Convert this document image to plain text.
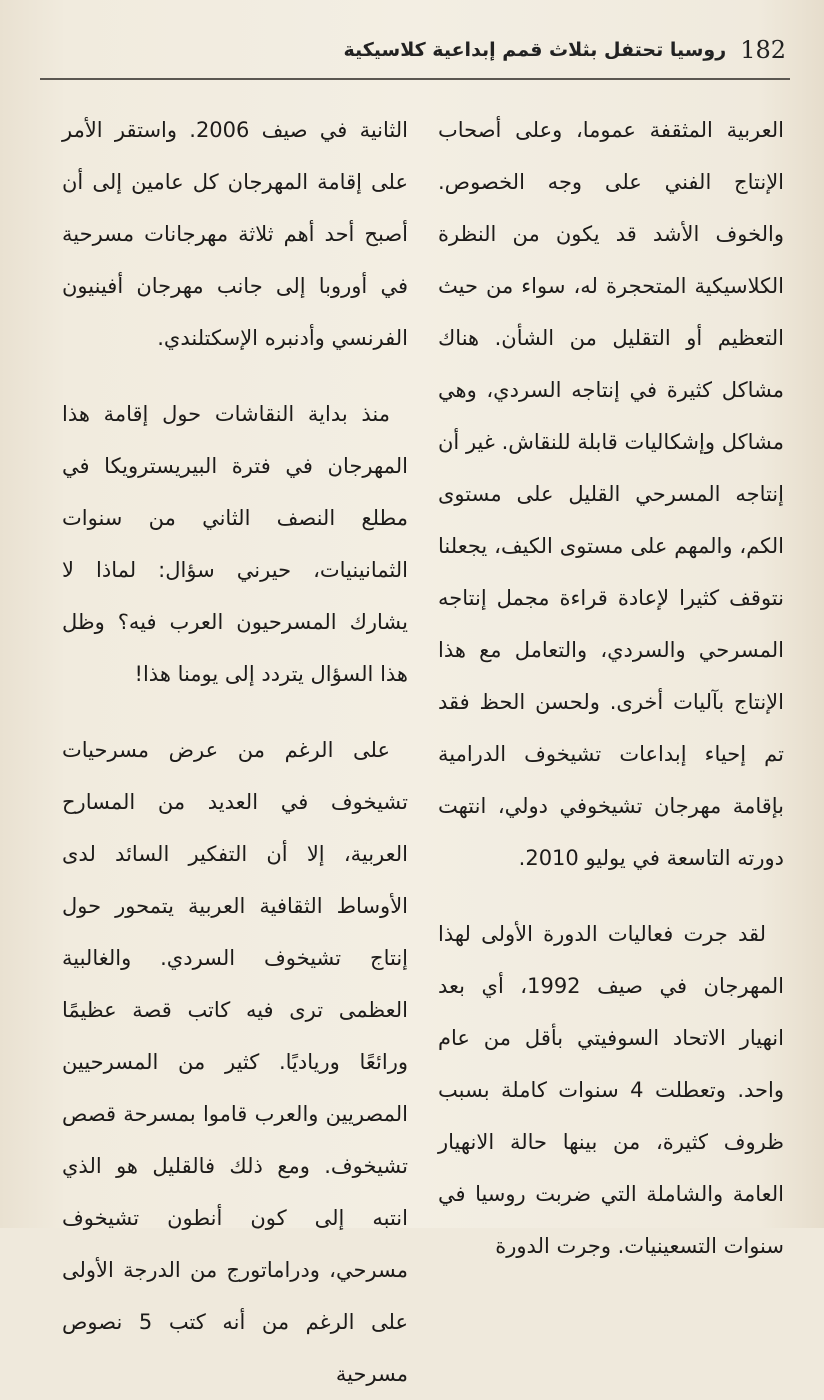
182
روسيا تحتفل بثلاث قمم إبداعية كلاسيكية

العربية المثقفة عموما، وعلى أصحاب الإنتاج الفني على وجه الخصوص. والخوف الأشد قد يكون من النظرة الكلاسيكية المتحجرة له، سواء من حيث التعظيم أو التقليل من الشأن. هناك مشاكل كثيرة في إنتاجه السردي، وهي مشاكل وإشكاليات قابلة للنقاش. غير أن إنتاجه المسرحي القليل على مستوى الكم، والمهم على مستوى الكيف، يجعلنا نتوقف كثيرا لإعادة قراءة مجمل إنتاجه المسرحي والسردي، والتعامل مع هذا الإنتاج بآليات أخرى. ولحسن الحظ فقد تم إحياء إبداعات تشيخوف الدرامية بإقامة مهرجان تشيخوفي دولي، انتهت دورته التاسعة في يوليو 2010.

لقد جرت فعاليات الدورة الأولى لهذا المهرجان في صيف 1992، أي بعد انهيار الاتحاد السوفيتي بأقل من عام واحد. وتعطلت 4 سنوات كاملة بسبب ظروف كثيرة، من بينها حالة الانهيار العامة والشاملة التي ضربت روسيا في سنوات التسعينيات. وجرت الدورة

الثانية في صيف 2006. واستقر الأمر على إقامة المهرجان كل عامين إلى أن أصبح أحد أهم ثلاثة مهرجانات مسرحية في أوروبا إلى جانب مهرجان أفينيون الفرنسي وأدنبره الإسكتلندي.

منذ بداية النقاشات حول إقامة هذا المهرجان في فترة البيريسترويكا في مطلع النصف الثاني من سنوات الثمانينيات، حيرني سؤال: لماذا لا يشارك المسرحيون العرب فيه؟ وظل هذا السؤال يتردد إلى يومنا هذا!

على الرغم من عرض مسرحيات تشيخوف في العديد من المسارح العربية، إلا أن التفكير السائد لدى الأوساط الثقافية العربية يتمحور حول إنتاج تشيخوف السردي. والغالبية العظمى ترى فيه كاتب قصة عظيمًا ورائعًا ورياديًا. كثير من المسرحيين المصريين والعرب قاموا بمسرحة قصص تشيخوف. ومع ذلك فالقليل هو الذي انتبه إلى كون أنطون تشيخوف مسرحي، ودراماتورج من الدرجة الأولى على الرغم من أنه كتب 5 نصوص مسرحية
